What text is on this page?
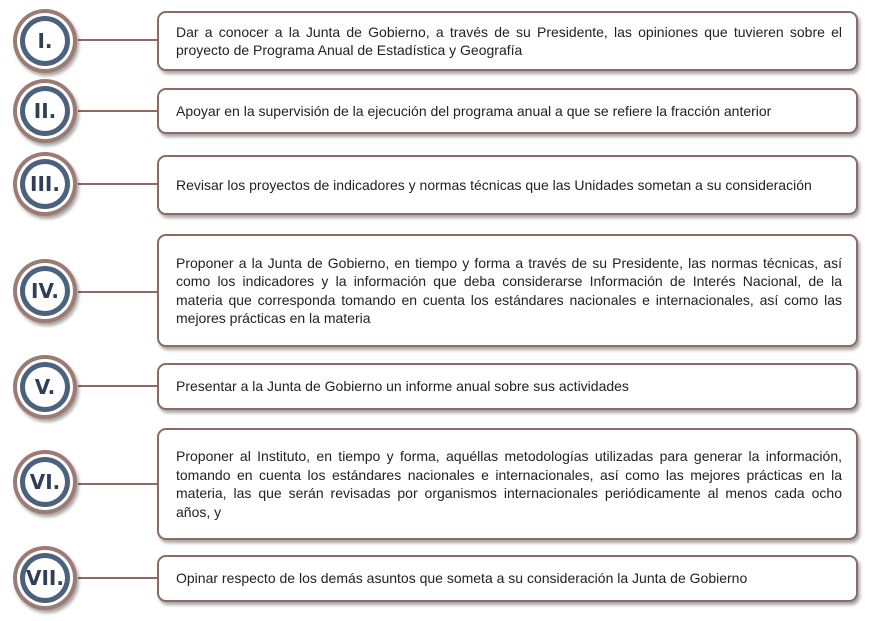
I.	Dar a conocer a la Junta de Gobierno, a través de su Presidente, las opiniones que tuvieren sobre el proyecto de Programa Anual de Estadística y Geografía
II.	Apoyar en la supervisión de la ejecución del programa anual a que se refiere la fracción anterior
III.	Revisar los proyectos de indicadores y normas técnicas que las Unidades sometan a su consideración
IV.
Proponer a la Junta de Gobierno, en tiempo y forma a través de su Presidente, las normas técnicas, así como los indicadores y la información que deba considerarse Información de Interés Nacional, de la materia que corresponda tomando en cuenta los estándares nacionales e internacionales, así como las mejores prácticas en la materia
V.	Presentar a la Junta de Gobierno un informe anual sobre sus actividades
VI.
Proponer al Instituto, en tiempo y forma, aquéllas metodologías utilizadas para generar la información, tomando en cuenta los estándares nacionales e internacionales, así como las mejores prácticas en la materia, las que serán revisadas por organismos internacionales periódicamente al menos cada ocho años, y
VII.	Opinar respecto de los demás asuntos que someta a su consideración la Junta de Gobierno
